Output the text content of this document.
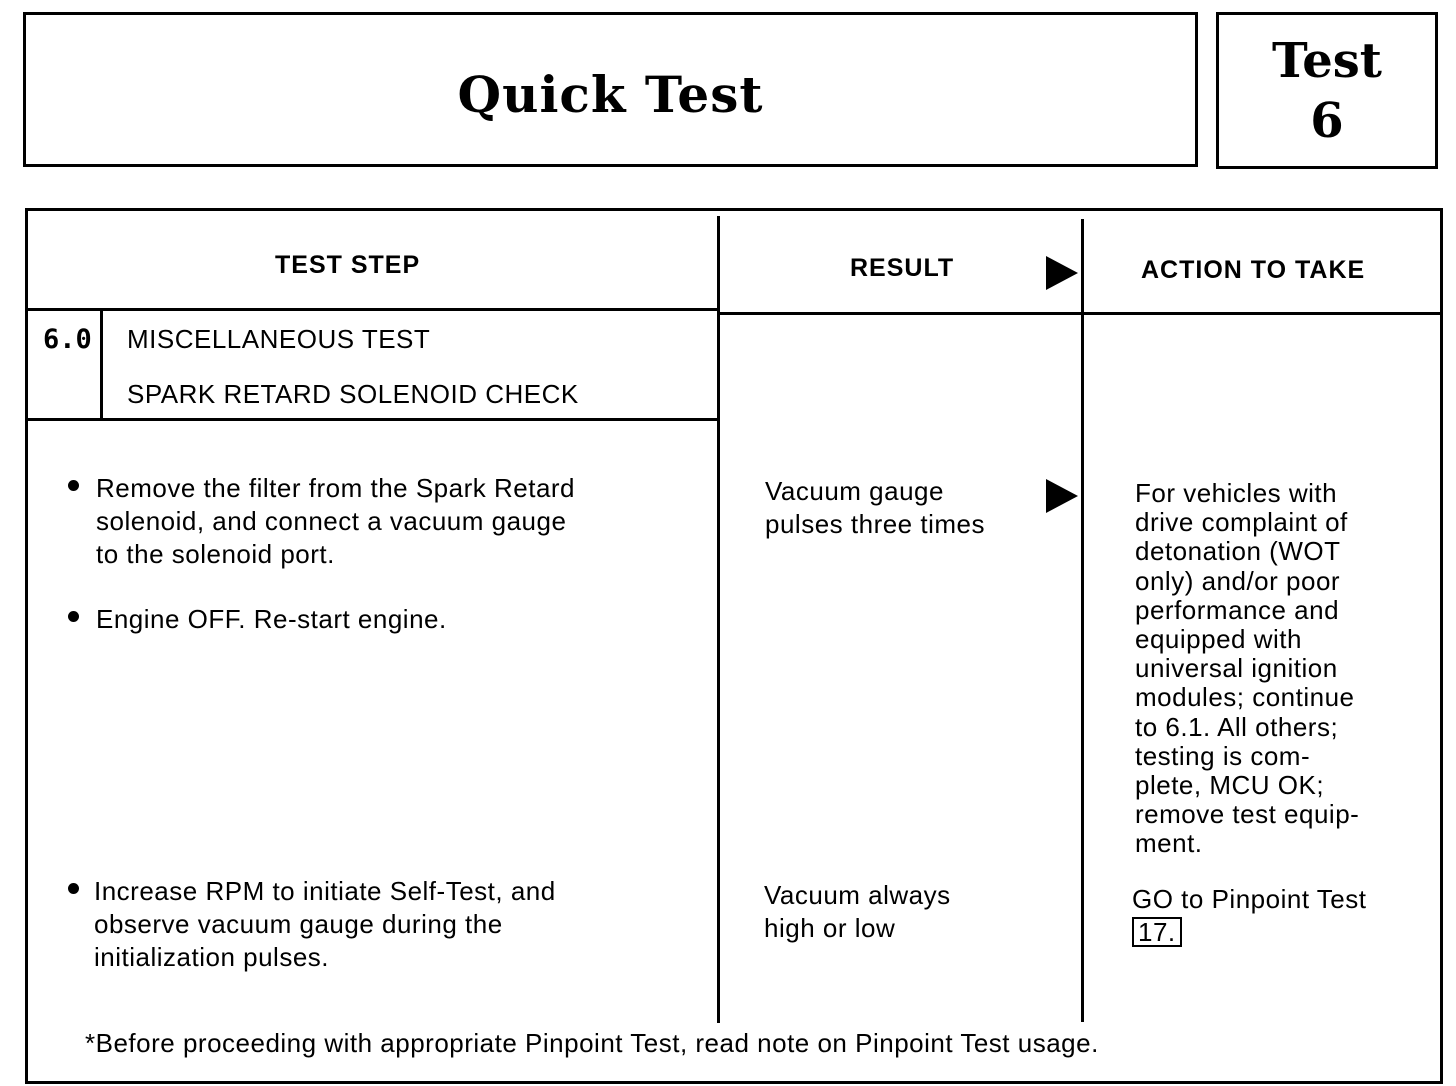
Quick Test
Test
6
TEST STEP	RESULT	ACTION TO TAKE
6.0 MISCELLANEOUS TEST
SPARK RETARD SOLENOID CHECK
Remove the filter from the Spark Retard
solenoid, and connect a vacuum gauge
to the solenoid port.
Engine OFF. Re-start engine.
Increase RPM to initiate Self-Test, and
observe vacuum gauge during the
initialization pulses.
Vacuum gauge
pulses three times
Vacuum always
high or low
For vehicles with
drive complaint of
detonation (WOT
only) and/or poor
performance and
equipped with
universal ignition
modules; continue
to 6.1. All others;
testing is com-
plete, MCU OK;
remove test equip-
ment.
GO to Pinpoint Test
17.
*Before proceeding with appropriate Pinpoint Test, read note on Pinpoint Test usage.
